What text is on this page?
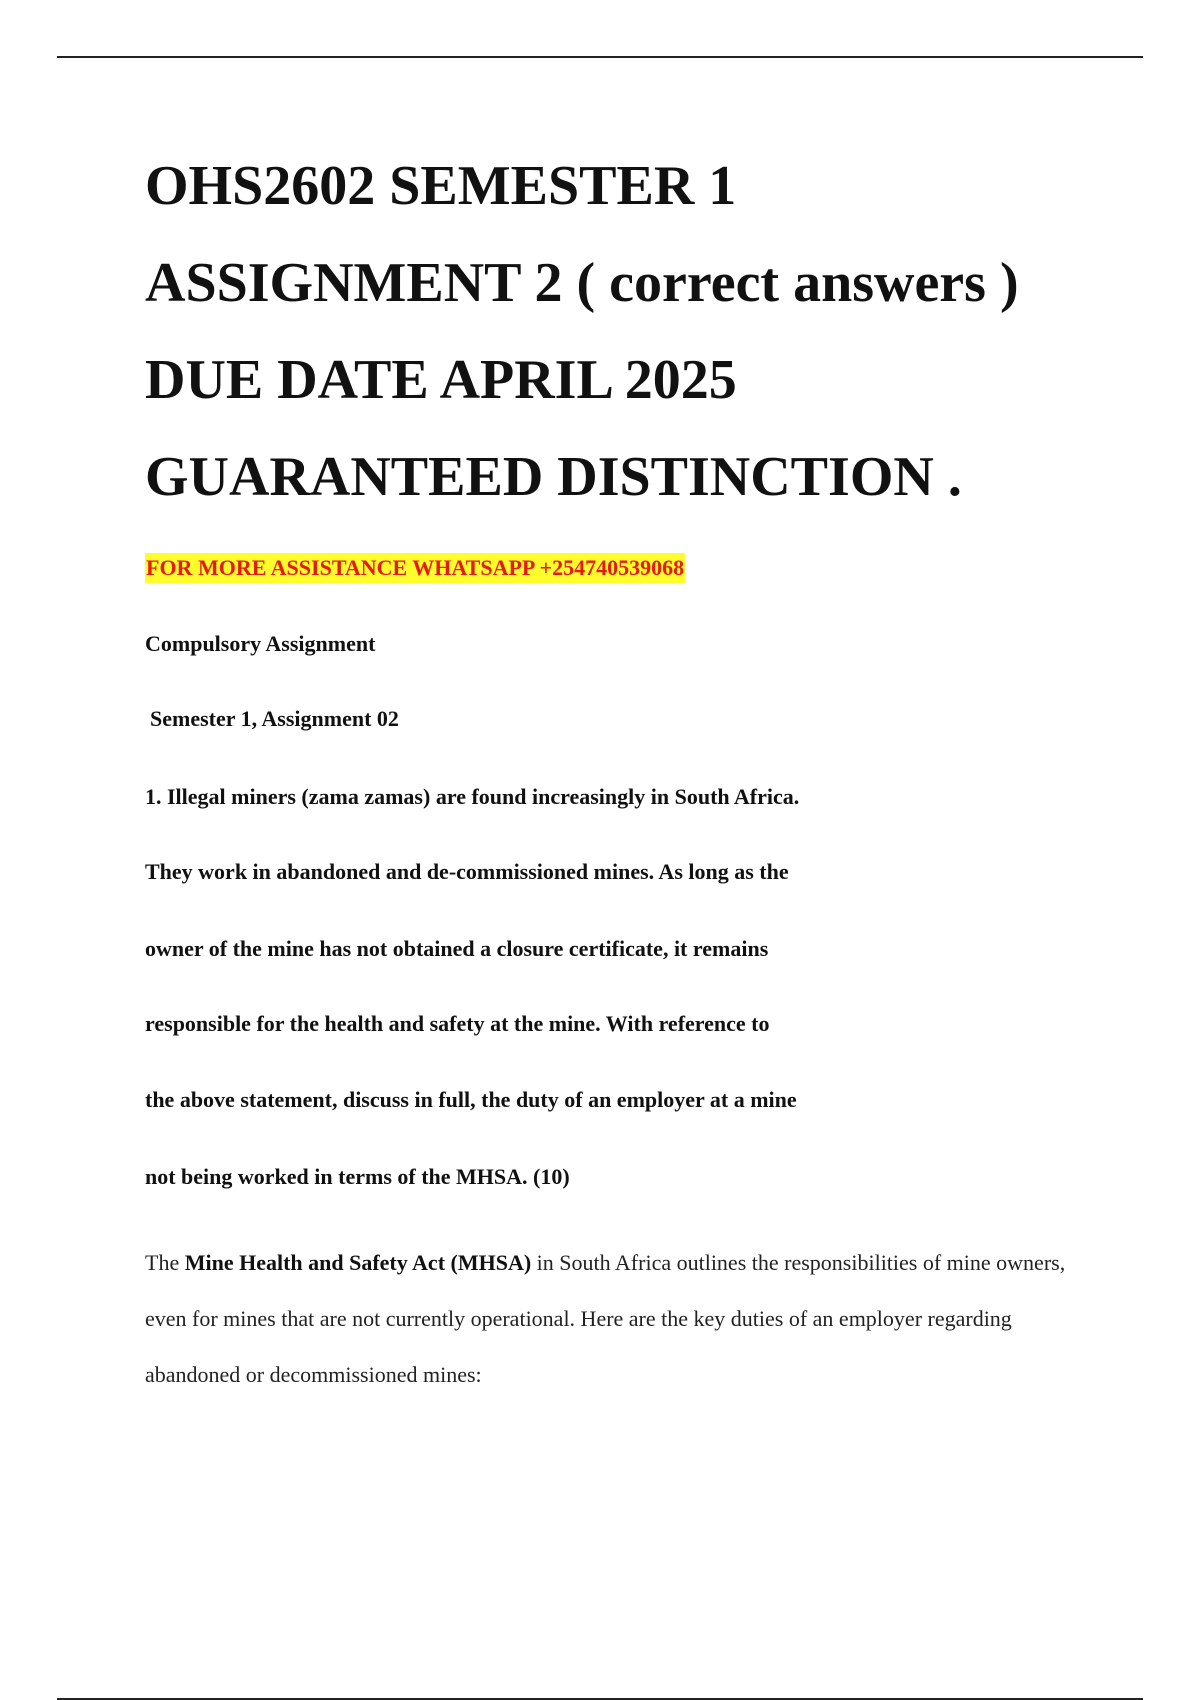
OHS2602 SEMESTER 1
ASSIGNMENT 2 ( correct answers )
DUE DATE APRIL 2025
GUARANTEED DISTINCTION .
FOR MORE ASSISTANCE WHATSAPP +254740539068
Compulsory Assignment
Semester 1, Assignment 02
1. Illegal miners (zama zamas) are found increasingly in South Africa.
They work in abandoned and de-commissioned mines. As long as the
owner of the mine has not obtained a closure certificate, it remains
responsible for the health and safety at the mine. With reference to
the above statement, discuss in full, the duty of an employer at a mine
not being worked in terms of the MHSA. (10)

The Mine Health and Safety Act (MHSA) in South Africa outlines the responsibilities of mine owners, even for mines that are not currently operational. Here are the key duties of an employer regarding abandoned or decommissioned mines:
